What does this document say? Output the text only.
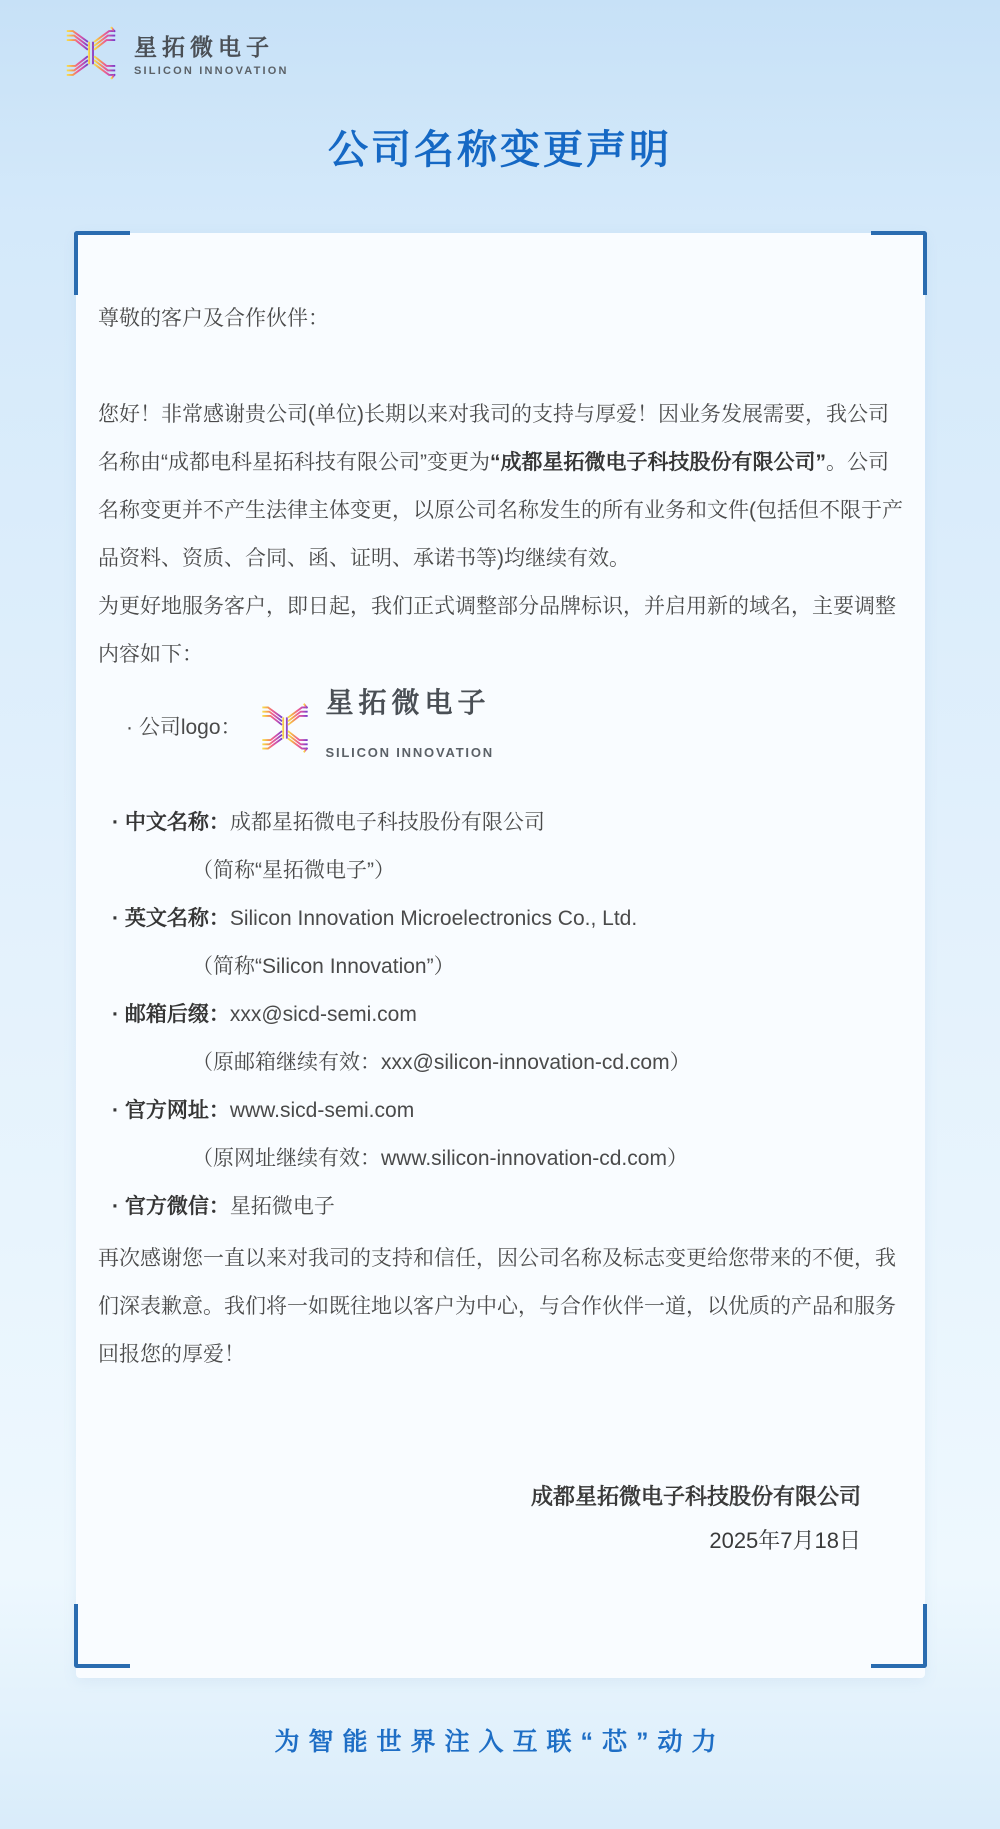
星拓微电子
SILICON INNOVATION
公司名称变更声明

尊敬的客户及合作伙伴：

您好！非常感谢贵公司(单位)长期以来对我司的支持与厚爱！因业务发展需要，我公司名称由“成都电科星拓科技有限公司”变更为“成都星拓微电子科技股份有限公司”。公司名称变更并不产生法律主体变更，以原公司名称发生的所有业务和文件(包括但不限于产品资料、资质、合同、函、证明、承诺书等)均继续有效。

为更好地服务客户，即日起，我们正式调整部分品牌标识，并启用新的域名，主要调整内容如下：

· 公司logo：
星拓微电子
SILICON INNOVATION

· 中文名称：成都星拓微电子科技股份有限公司

（简称“星拓微电子”）

· 英文名称：Silicon Innovation Microelectronics Co., Ltd.

（简称“Silicon Innovation”）

· 邮箱后缀：xxx@sicd-semi.com

（原邮箱继续有效：xxx@silicon-innovation-cd.com）

· 官方网址：www.sicd-semi.com

（原网址继续有效：www.silicon-innovation-cd.com）

· 官方微信：星拓微电子

再次感谢您一直以来对我司的支持和信任，因公司名称及标志变更给您带来的不便，我们深表歉意。我们将一如既往地以客户为中心，与合作伙伴一道，以优质的产品和服务回报您的厚爱！

成都星拓微电子科技股份有限公司
2025年7月18日
为智能世界注入互联“芯”动力
